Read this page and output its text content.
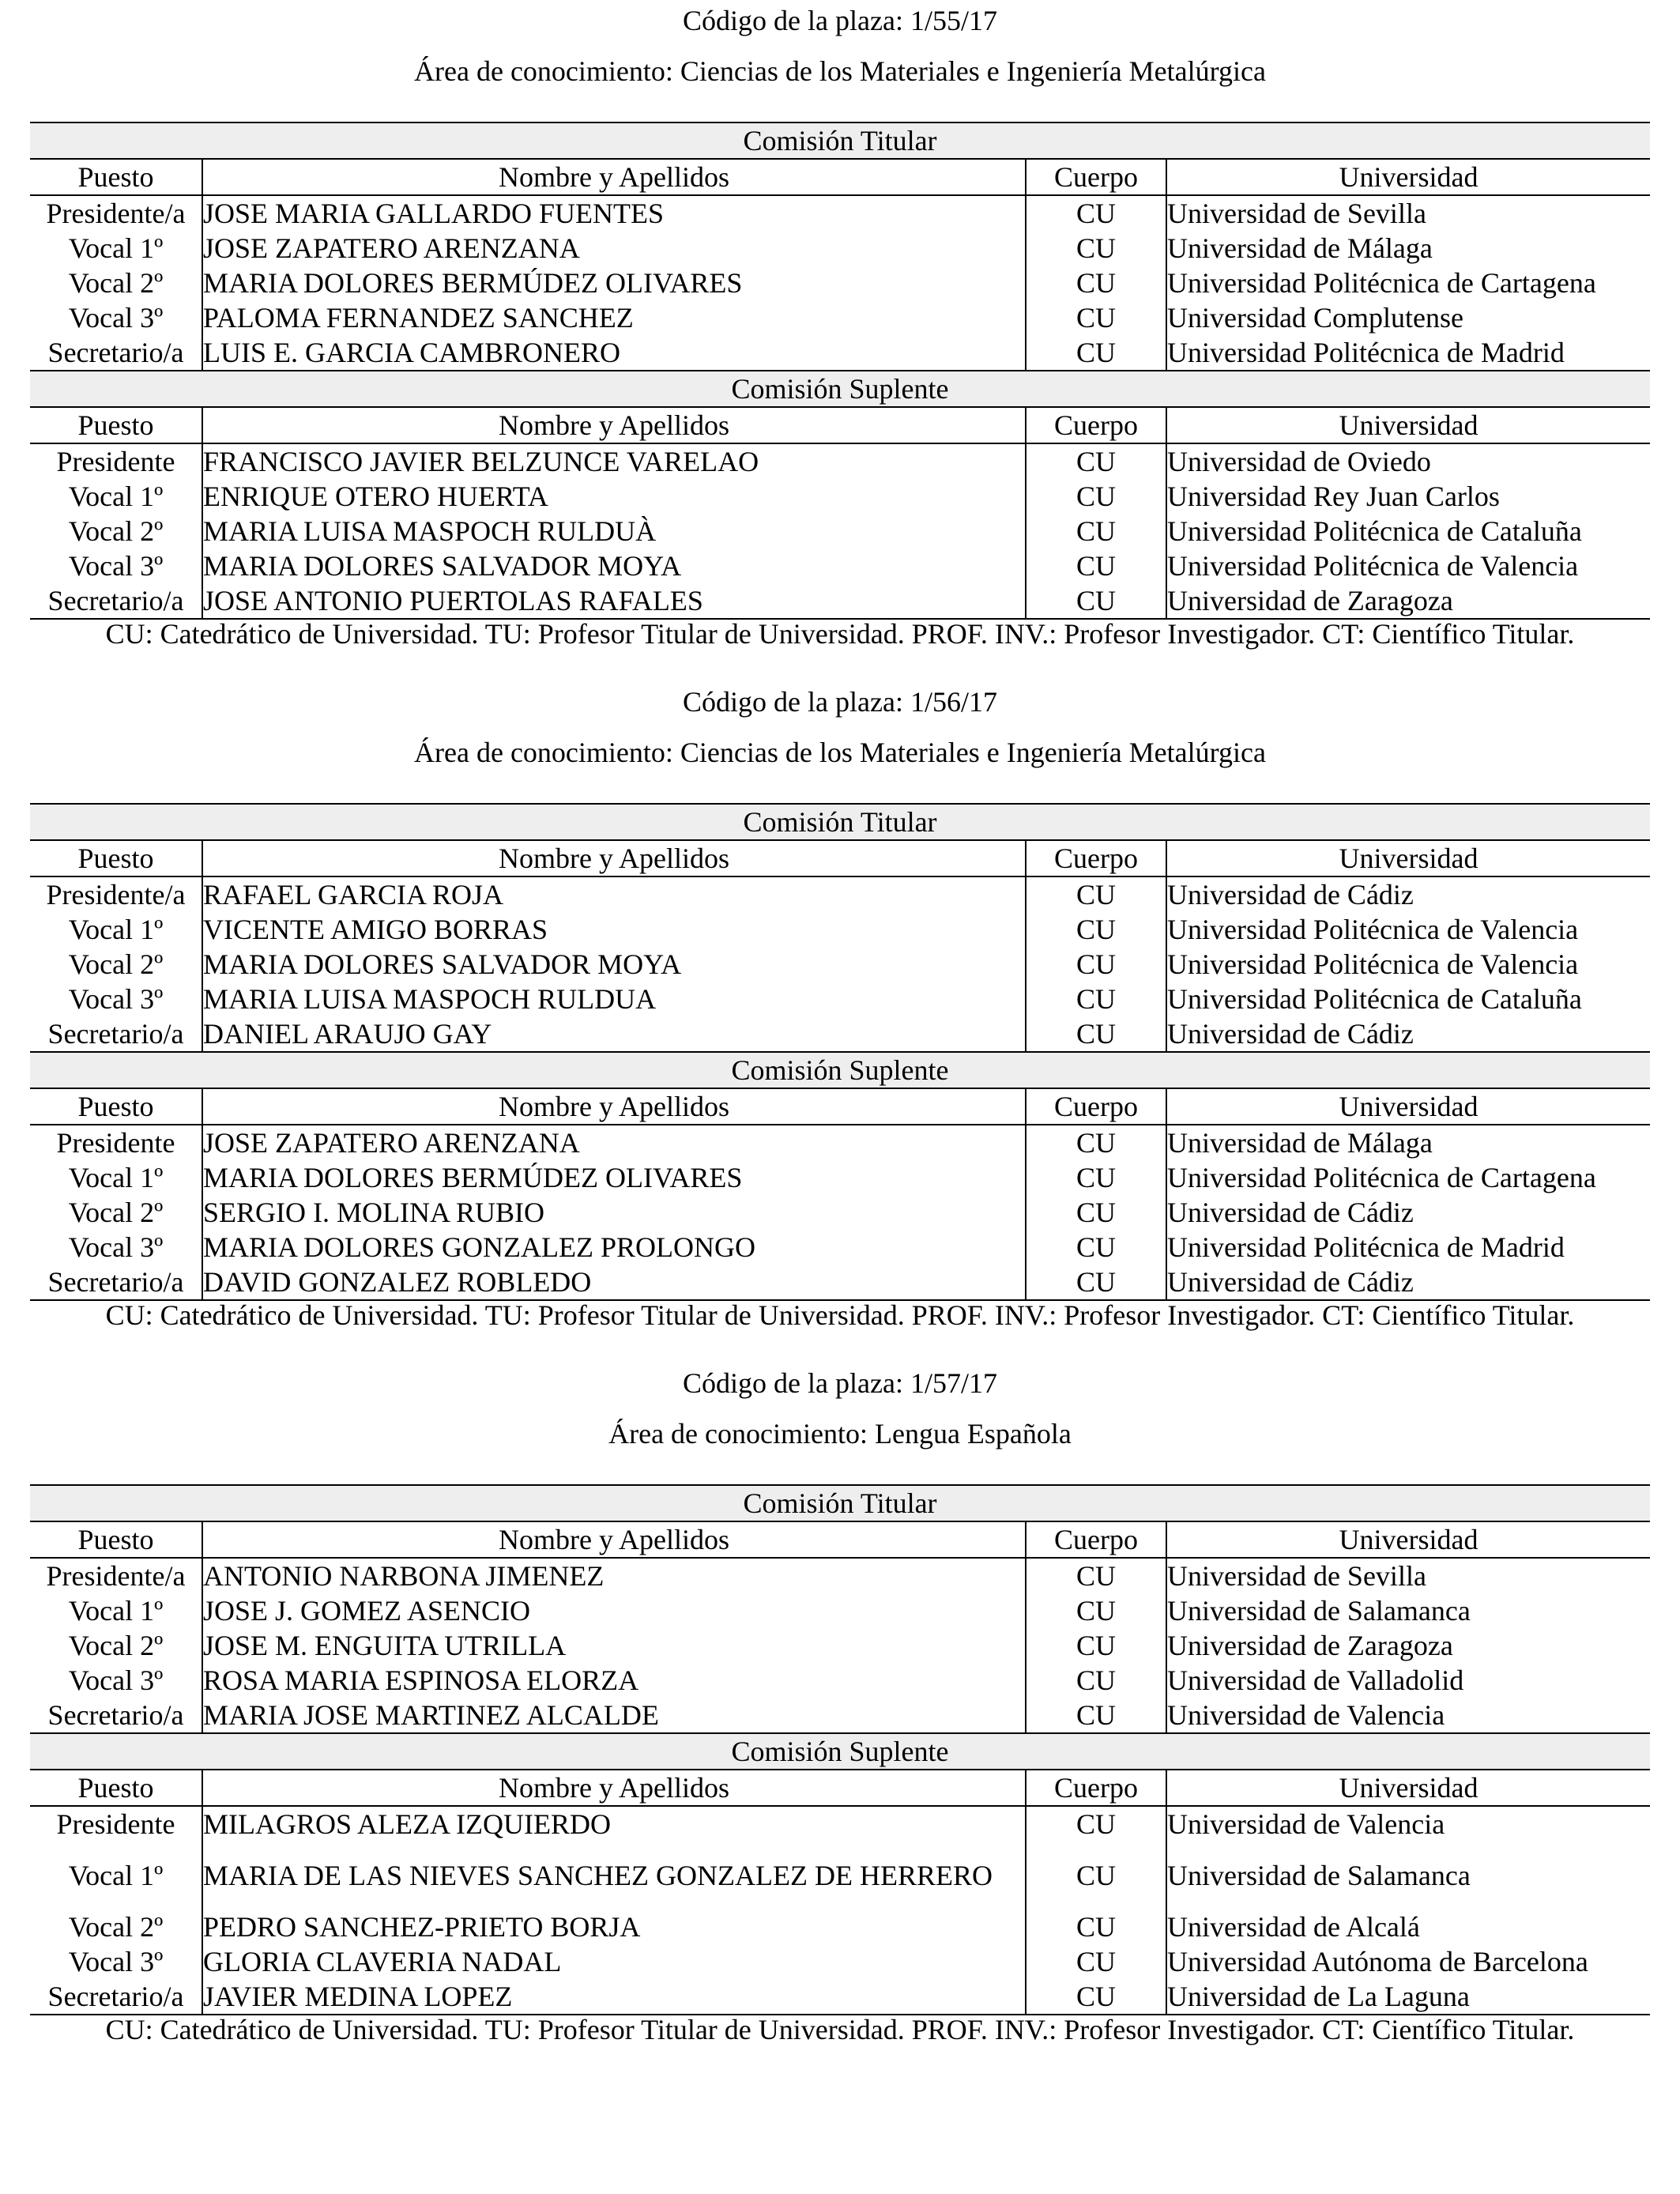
Código de la plaza: 1/55/17
Área de conocimiento: Ciencias de los Materiales e Ingeniería Metalúrgica
Comisión Titular			
Puesto	Nombre y Apellidos	Cuerpo	Universidad
Presidente/a	JOSE MARIA GALLARDO FUENTES	CU	Universidad de Sevilla
Vocal 1º	JOSE ZAPATERO ARENZANA	CU	Universidad de Málaga
Vocal 2º	MARIA DOLORES BERMÚDEZ OLIVARES	CU	Universidad Politécnica de Cartagena
Vocal 3º	PALOMA FERNANDEZ SANCHEZ	CU	Universidad Complutense
Secretario/a	LUIS E. GARCIA CAMBRONERO	CU	Universidad Politécnica de Madrid
Comisión Suplente			
Puesto	Nombre y Apellidos	Cuerpo	Universidad
Presidente	FRANCISCO JAVIER BELZUNCE VARELAO	CU	Universidad de Oviedo
Vocal 1º	ENRIQUE OTERO HUERTA	CU	Universidad Rey Juan Carlos
Vocal 2º	MARIA LUISA MASPOCH RULDUÀ	CU	Universidad Politécnica de Cataluña
Vocal 3º	MARIA DOLORES SALVADOR MOYA	CU	Universidad Politécnica de Valencia
Secretario/a	JOSE ANTONIO PUERTOLAS RAFALES	CU	Universidad de Zaragoza
CU: Catedrático de Universidad. TU: Profesor Titular de Universidad. PROF. INV.: Profesor Investigador. CT: Científico Titular.
Código de la plaza: 1/56/17
Área de conocimiento: Ciencias de los Materiales e Ingeniería Metalúrgica
Comisión Titular			
Puesto	Nombre y Apellidos	Cuerpo	Universidad
Presidente/a	RAFAEL GARCIA ROJA	CU	Universidad de Cádiz
Vocal 1º	VICENTE AMIGO BORRAS	CU	Universidad Politécnica de Valencia
Vocal 2º	MARIA DOLORES SALVADOR MOYA	CU	Universidad Politécnica de Valencia
Vocal 3º	MARIA LUISA MASPOCH RULDUA	CU	Universidad Politécnica de Cataluña
Secretario/a	DANIEL ARAUJO GAY	CU	Universidad de Cádiz
Comisión Suplente			
Puesto	Nombre y Apellidos	Cuerpo	Universidad
Presidente	JOSE ZAPATERO ARENZANA	CU	Universidad de Málaga
Vocal 1º	MARIA DOLORES BERMÚDEZ OLIVARES	CU	Universidad Politécnica de Cartagena
Vocal 2º	SERGIO I. MOLINA RUBIO	CU	Universidad de Cádiz
Vocal 3º	MARIA DOLORES GONZALEZ PROLONGO	CU	Universidad Politécnica de Madrid
Secretario/a	DAVID GONZALEZ ROBLEDO	CU	Universidad de Cádiz
CU: Catedrático de Universidad. TU: Profesor Titular de Universidad. PROF. INV.: Profesor Investigador. CT: Científico Titular.
Código de la plaza: 1/57/17
Área de conocimiento: Lengua Española
Comisión Titular			
Puesto	Nombre y Apellidos	Cuerpo	Universidad
Presidente/a	ANTONIO NARBONA JIMENEZ	CU	Universidad de Sevilla
Vocal 1º	JOSE J. GOMEZ ASENCIO	CU	Universidad de Salamanca
Vocal 2º	JOSE M. ENGUITA UTRILLA	CU	Universidad de Zaragoza
Vocal 3º	ROSA MARIA ESPINOSA ELORZA	CU	Universidad de Valladolid
Secretario/a	MARIA JOSE MARTINEZ ALCALDE	CU	Universidad de Valencia
Comisión Suplente			
Puesto	Nombre y Apellidos	Cuerpo	Universidad
Presidente	MILAGROS ALEZA IZQUIERDO	CU	Universidad de Valencia
Vocal 1º	MARIA DE LAS NIEVES SANCHEZ GONZALEZ DE HERRERO	CU	Universidad de Salamanca
Vocal 2º	PEDRO SANCHEZ-PRIETO BORJA	CU	Universidad de Alcalá
Vocal 3º	GLORIA CLAVERIA NADAL	CU	Universidad Autónoma de Barcelona
Secretario/a	JAVIER MEDINA LOPEZ	CU	Universidad de La Laguna
CU: Catedrático de Universidad. TU: Profesor Titular de Universidad. PROF. INV.: Profesor Investigador. CT: Científico Titular.
